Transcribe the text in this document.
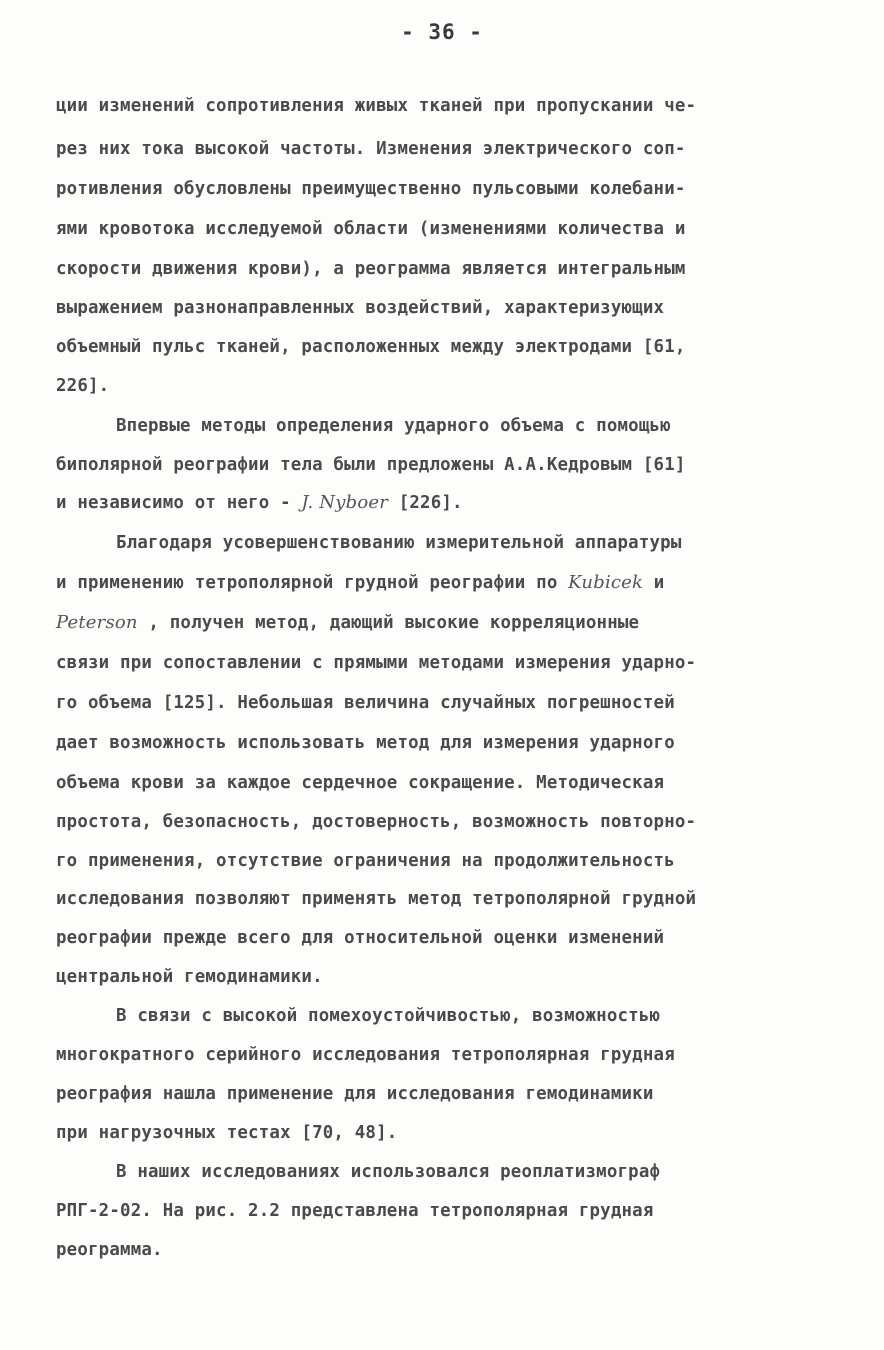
- 36 -
ции изменений сопротивления живых тканей при пропускании че-
рез них тока высокой частоты. Изменения электрического соп-
ротивления обусловлены преимущественно пульсовыми колебани-
ями кровотока исследуемой области (изменениями количества и
скорости движения крови), а реограмма является интегральным
выражением разнонаправленных воздействий, характеризующих
объемный пульс тканей, расположенных между электродами [61,
226].
Впервые методы определения ударного объема с помощью
биполярной реографии тела были предложены А.А.Кедровым [61]
и независимо от него - J. Nyboer [226].
Благодаря усовершенствованию измерительной аппаратуры
и применению тетрополярной грудной реографии по Kubicek и
Peterson , получен метод, дающий высокие корреляционные
связи при сопоставлении с прямыми методами измерения ударно-
го объема [125]. Небольшая величина случайных погрешностей
дает возможность использовать метод для измерения ударного
объема крови за каждое сердечное сокращение. Методическая
простота, безопасность, достоверность, возможность повторно-
го применения, отсутствие ограничения на продолжительность
исследования позволяют применять метод тетрополярной грудной
реографии прежде всего для относительной оценки изменений
центральной гемодинамики.
В связи с высокой помехоустойчивостью, возможностью
многократного серийного исследования тетрополярная грудная
реография нашла применение для исследования гемодинамики
при нагрузочных тестах [70, 48].
В наших исследованиях использовался реоплатизмограф
РПГ-2-02. На рис. 2.2 представлена тетрополярная грудная
реограмма.
